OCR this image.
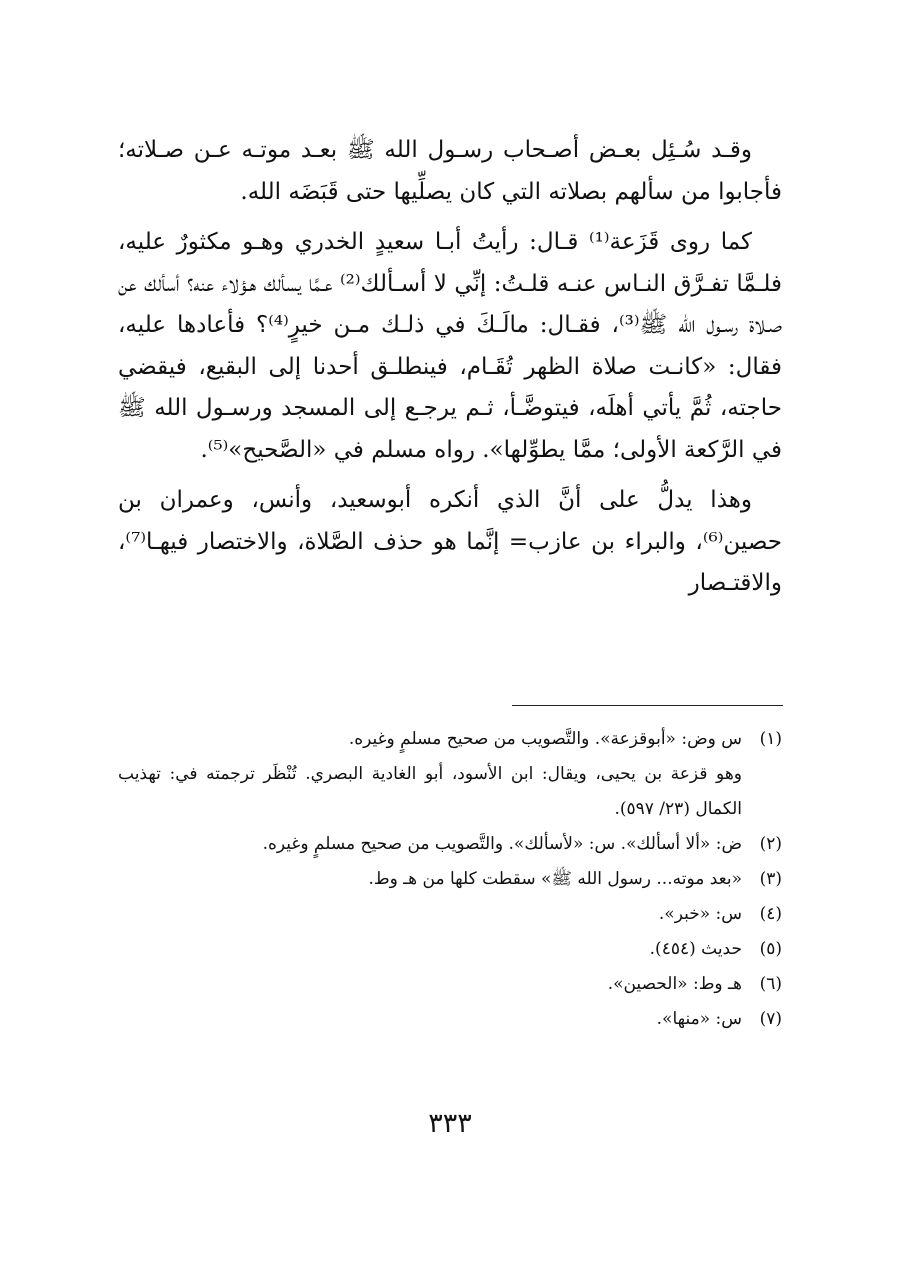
وقـد سُـئِل بعـض أصـحاب رسـول الله ﷺ بعـد موتـه عـن صـلاته؛ فأجابوا من سألهم بصلاته التي كان يصلِّيها حتى قَبَضَه الله.

كما روى قَزَعة⁽¹⁾ قـال: رأيتُ أبـا سعيدٍ الخدري وهـو مكثورٌ عليه، فلـمَّا تفـرَّق النـاس عنـه قلـتُ: إنِّي لا أسـألك⁽²⁾ عـمَّا يسألك هـؤلاء عنه؟ أسألك عن صـلاة رسـول الله ﷺ⁽³⁾، فقـال: مالَـكَ في ذلـك مـن خيرٍ⁽⁴⁾؟ فأعادها عليه، فقال: «كانـت صلاة الظهر تُقَـام، فينطلـق أحدنا إلى البقيع، فيقضي حاجته، ثُمَّ يأتي أهلَه، فيتوضَّـأ، ثـم يرجـع إلى المسجد ورسـول الله ﷺ في الرَّكعة الأولى؛ ممَّا يطوِّلها». رواه مسلم في «الصَّحيح»⁽⁵⁾.

وهذا يدلُّ على أنَّ الذي أنكره أبوسعيد، وأنس، وعمران بن حصين⁽⁶⁾، والبراء بن عازب= إنَّما هو حذف الصَّلاة، والاختصار فيهـا⁽⁷⁾، والاقتـصار

(١)
س وض: «أبوقزعة». والتَّصويب من صحيح مسلمٍ وغيره.
وهو قزعة بن يحيى، ويقال: ابن الأسود، أبو الغادية البصري. تُنْظَر ترجمته في: تهذيب الكمال (٢٣/ ٥٩٧).
(٢)
ض: «ألا أسألك». س: «لأسألك». والتَّصويب من صحيح مسلمٍ وغيره.
(٣)
«بعد موته... رسول الله ﷺ» سقطت كلها من هـ وط.
(٤)
س: «خبر».
(٥)
حديث (٤٥٤).
(٦)
هـ وط: «الحصين».
(٧)
س: «منها».
٣٣٣
